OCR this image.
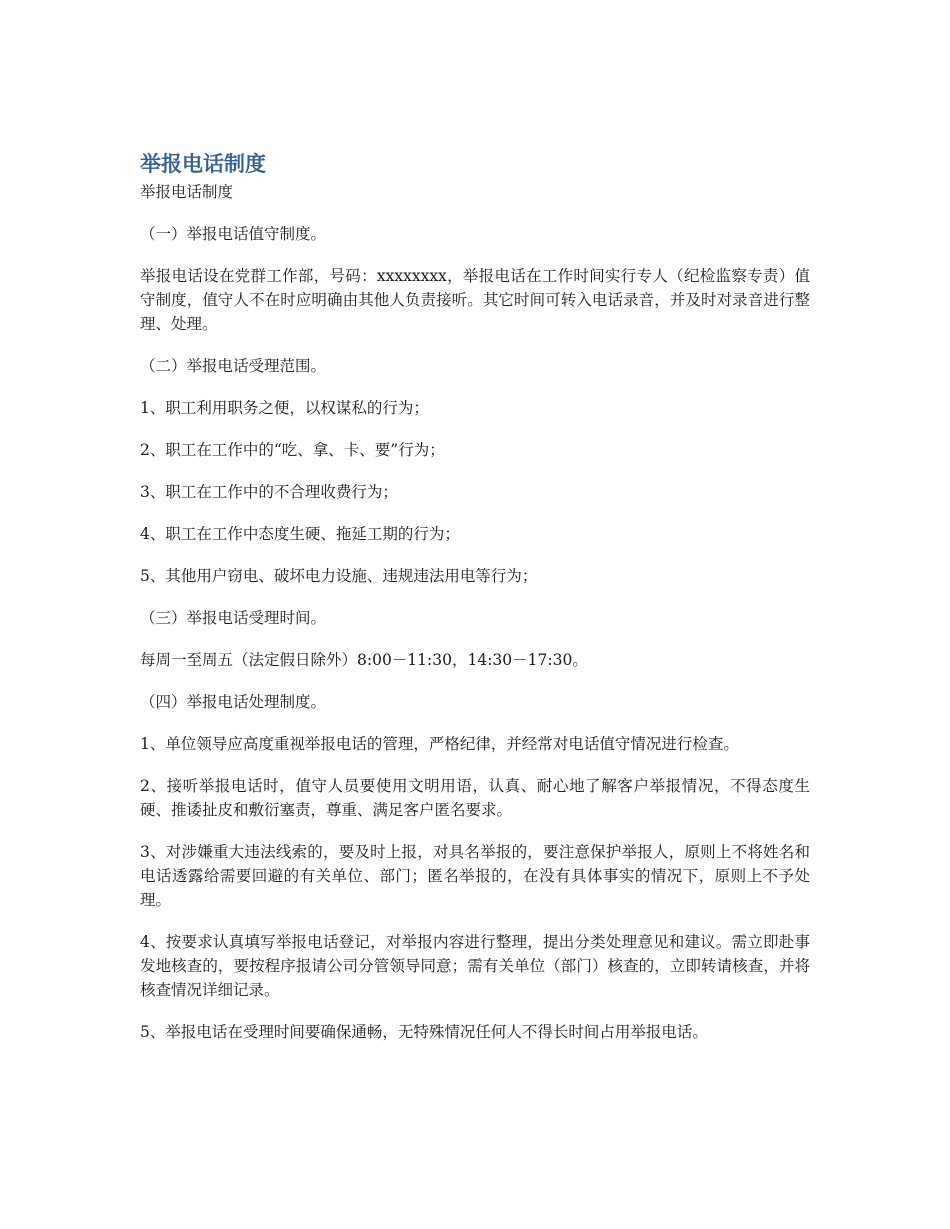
举报电话制度

举报电话制度

（一）举报电话值守制度。

举报电话设在党群工作部，号码：xxxxxxxx，举报电话在工作时间实行专人（纪检监察专责）值守制度，值守人不在时应明确由其他人负责接听。其它时间可转入电话录音，并及时对录音进行整理、处理。

（二）举报电话受理范围。

1、职工利用职务之便，以权谋私的行为；

2、职工在工作中的“吃、拿、卡、要”行为；

3、职工在工作中的不合理收费行为；

4、职工在工作中态度生硬、拖延工期的行为；

5、其他用户窃电、破坏电力设施、违规违法用电等行为；

（三）举报电话受理时间。

每周一至周五（法定假日除外）8:00－11:30，14:30－17:30。

（四）举报电话处理制度。

1、单位领导应高度重视举报电话的管理，严格纪律，并经常对电话值守情况进行检查。

2、接听举报电话时，值守人员要使用文明用语，认真、耐心地了解客户举报情况，不得态度生硬、推诿扯皮和敷衍塞责，尊重、满足客户匿名要求。

3、对涉嫌重大违法线索的，要及时上报，对具名举报的，要注意保护举报人，原则上不将姓名和电话透露给需要回避的有关单位、部门；匿名举报的，在没有具体事实的情况下，原则上不予处理。

4、按要求认真填写举报电话登记，对举报内容进行整理，提出分类处理意见和建议。需立即赴事发地核查的，要按程序报请公司分管领导同意；需有关单位（部门）核查的，立即转请核查，并将核查情况详细记录。

5、举报电话在受理时间要确保通畅，无特殊情况任何人不得长时间占用举报电话。
